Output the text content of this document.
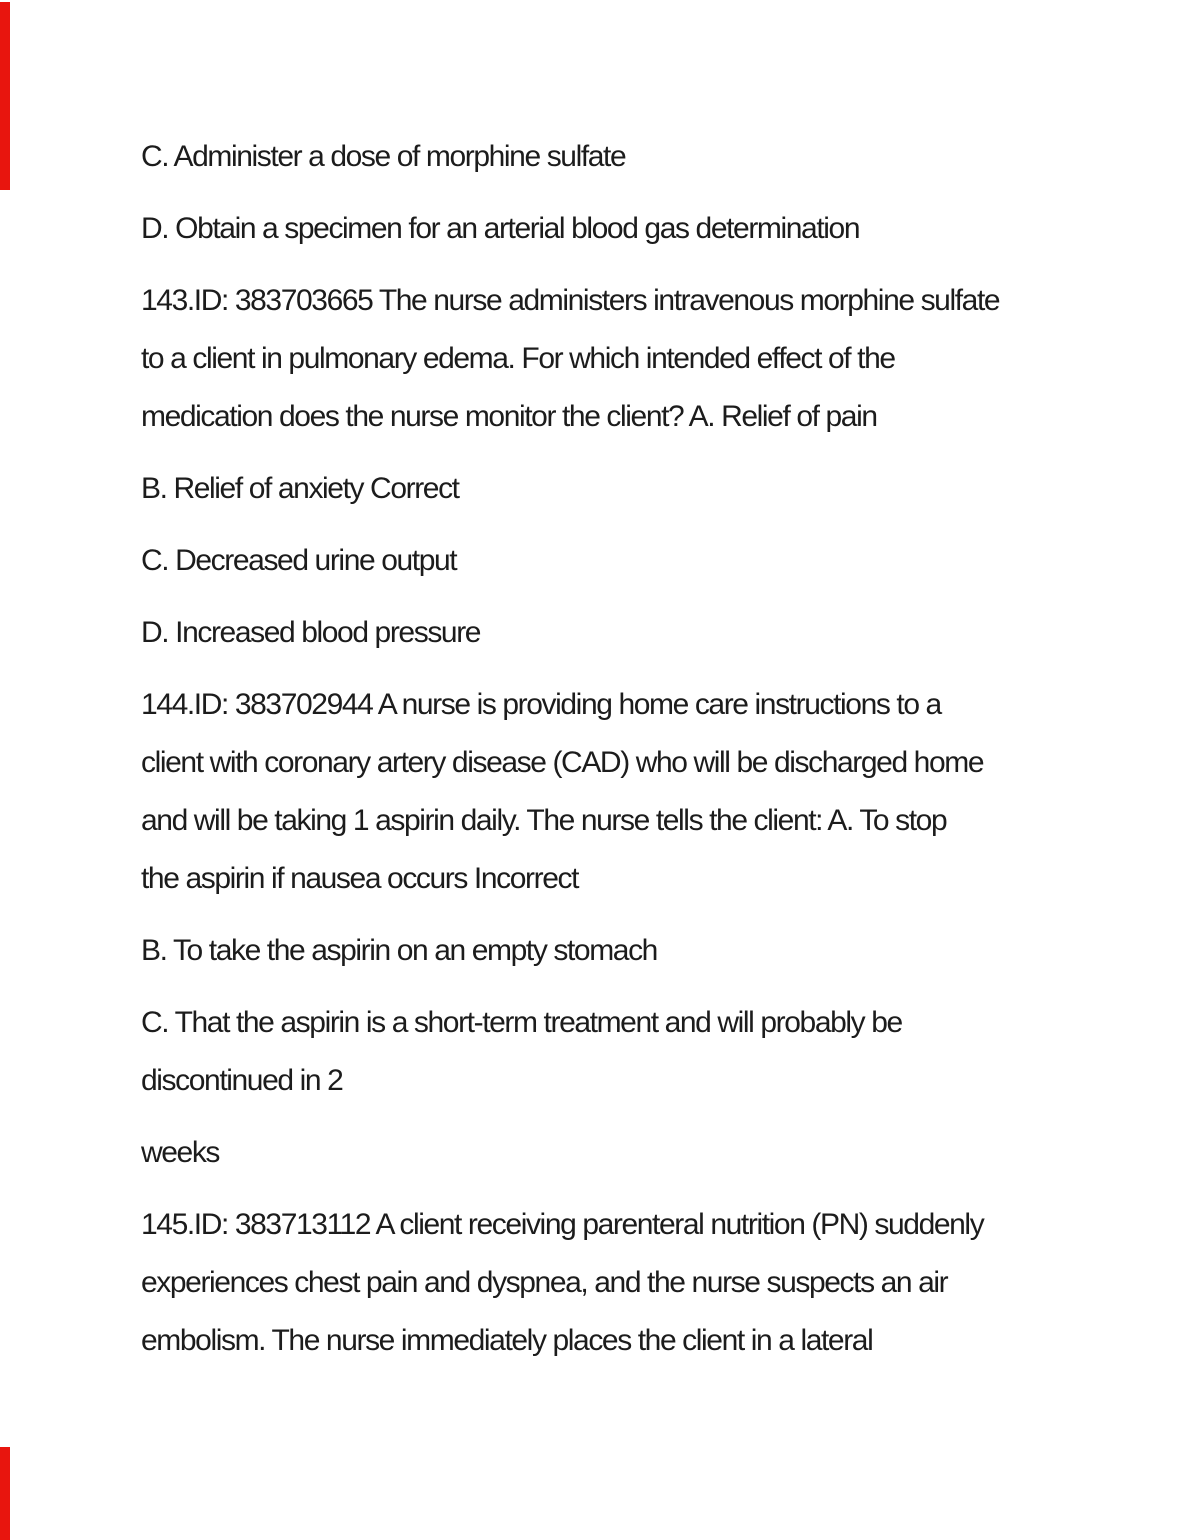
C. Administer a dose of morphine sulfate
D. Obtain a specimen for an arterial blood gas determination
143.ID: 383703665 The nurse administers intravenous morphine sulfate
to a client in pulmonary edema. For which intended effect of the
medication does the nurse monitor the client? A. Relief of pain
B. Relief of anxiety Correct
C. Decreased urine output
D. Increased blood pressure
144.ID: 383702944 A nurse is providing home care instructions to a
client with coronary artery disease (CAD) who will be discharged home
and will be taking 1 aspirin daily. The nurse tells the client: A. To stop
the aspirin if nausea occurs Incorrect
B. To take the aspirin on an empty stomach
C. That the aspirin is a short-term treatment and will probably be
discontinued in 2
weeks
145.ID: 383713112 A client receiving parenteral nutrition (PN) suddenly
experiences chest pain and dyspnea, and the nurse suspects an air
embolism. The nurse immediately places the client in a lateral
